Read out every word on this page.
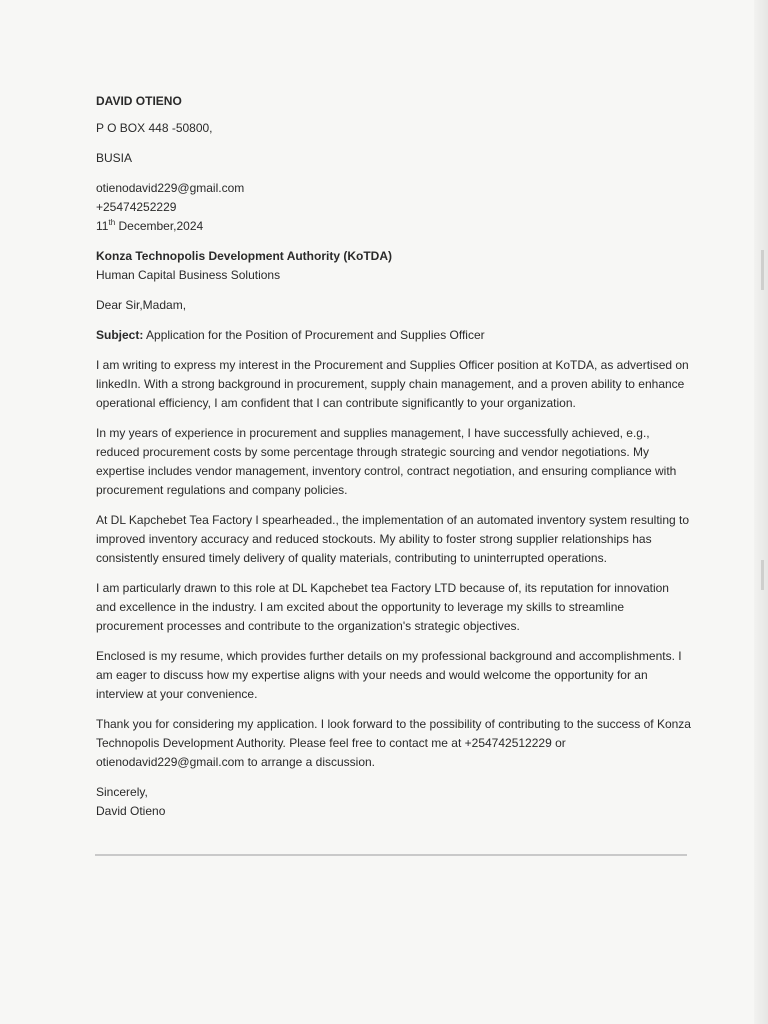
DAVID OTIENO
P O BOX 448 -50800,
BUSIA
otienodavid229@gmail.com
+25474252229
11th December,2024
Konza Technopolis Development Authority (KoTDA)
Human Capital Business Solutions
Dear Sir,Madam,
Subject: Application for the Position of Procurement and Supplies Officer

I am writing to express my interest in the Procurement and Supplies Officer position at KoTDA, as advertised on linkedIn. With a strong background in procurement, supply chain management, and a proven ability to enhance operational efficiency, I am confident that I can contribute significantly to your organization.

In my years of experience in procurement and supplies management, I have successfully achieved, e.g., reduced procurement costs by some percentage through strategic sourcing and vendor negotiations. My expertise includes vendor management, inventory control, contract negotiation, and ensuring compliance with procurement regulations and company policies.

At DL Kapchebet Tea Factory I spearheaded., the implementation of an automated inventory system resulting to improved inventory accuracy and reduced stockouts. My ability to foster strong supplier relationships has consistently ensured timely delivery of quality materials, contributing to uninterrupted operations.

I am particularly drawn to this role at DL Kapchebet tea Factory LTD because of, its reputation for innovation and excellence in the industry. I am excited about the opportunity to leverage my skills to streamline procurement processes and contribute to the organization's strategic objectives.

Enclosed is my resume, which provides further details on my professional background and accomplishments. I am eager to discuss how my expertise aligns with your needs and would welcome the opportunity for an interview at your convenience.

Thank you for considering my application. I look forward to the possibility of contributing to the success of Konza Technopolis Development Authority. Please feel free to contact me at +254742512229 or otienodavid229@gmail.com to arrange a discussion.

Sincerely,
David Otieno
